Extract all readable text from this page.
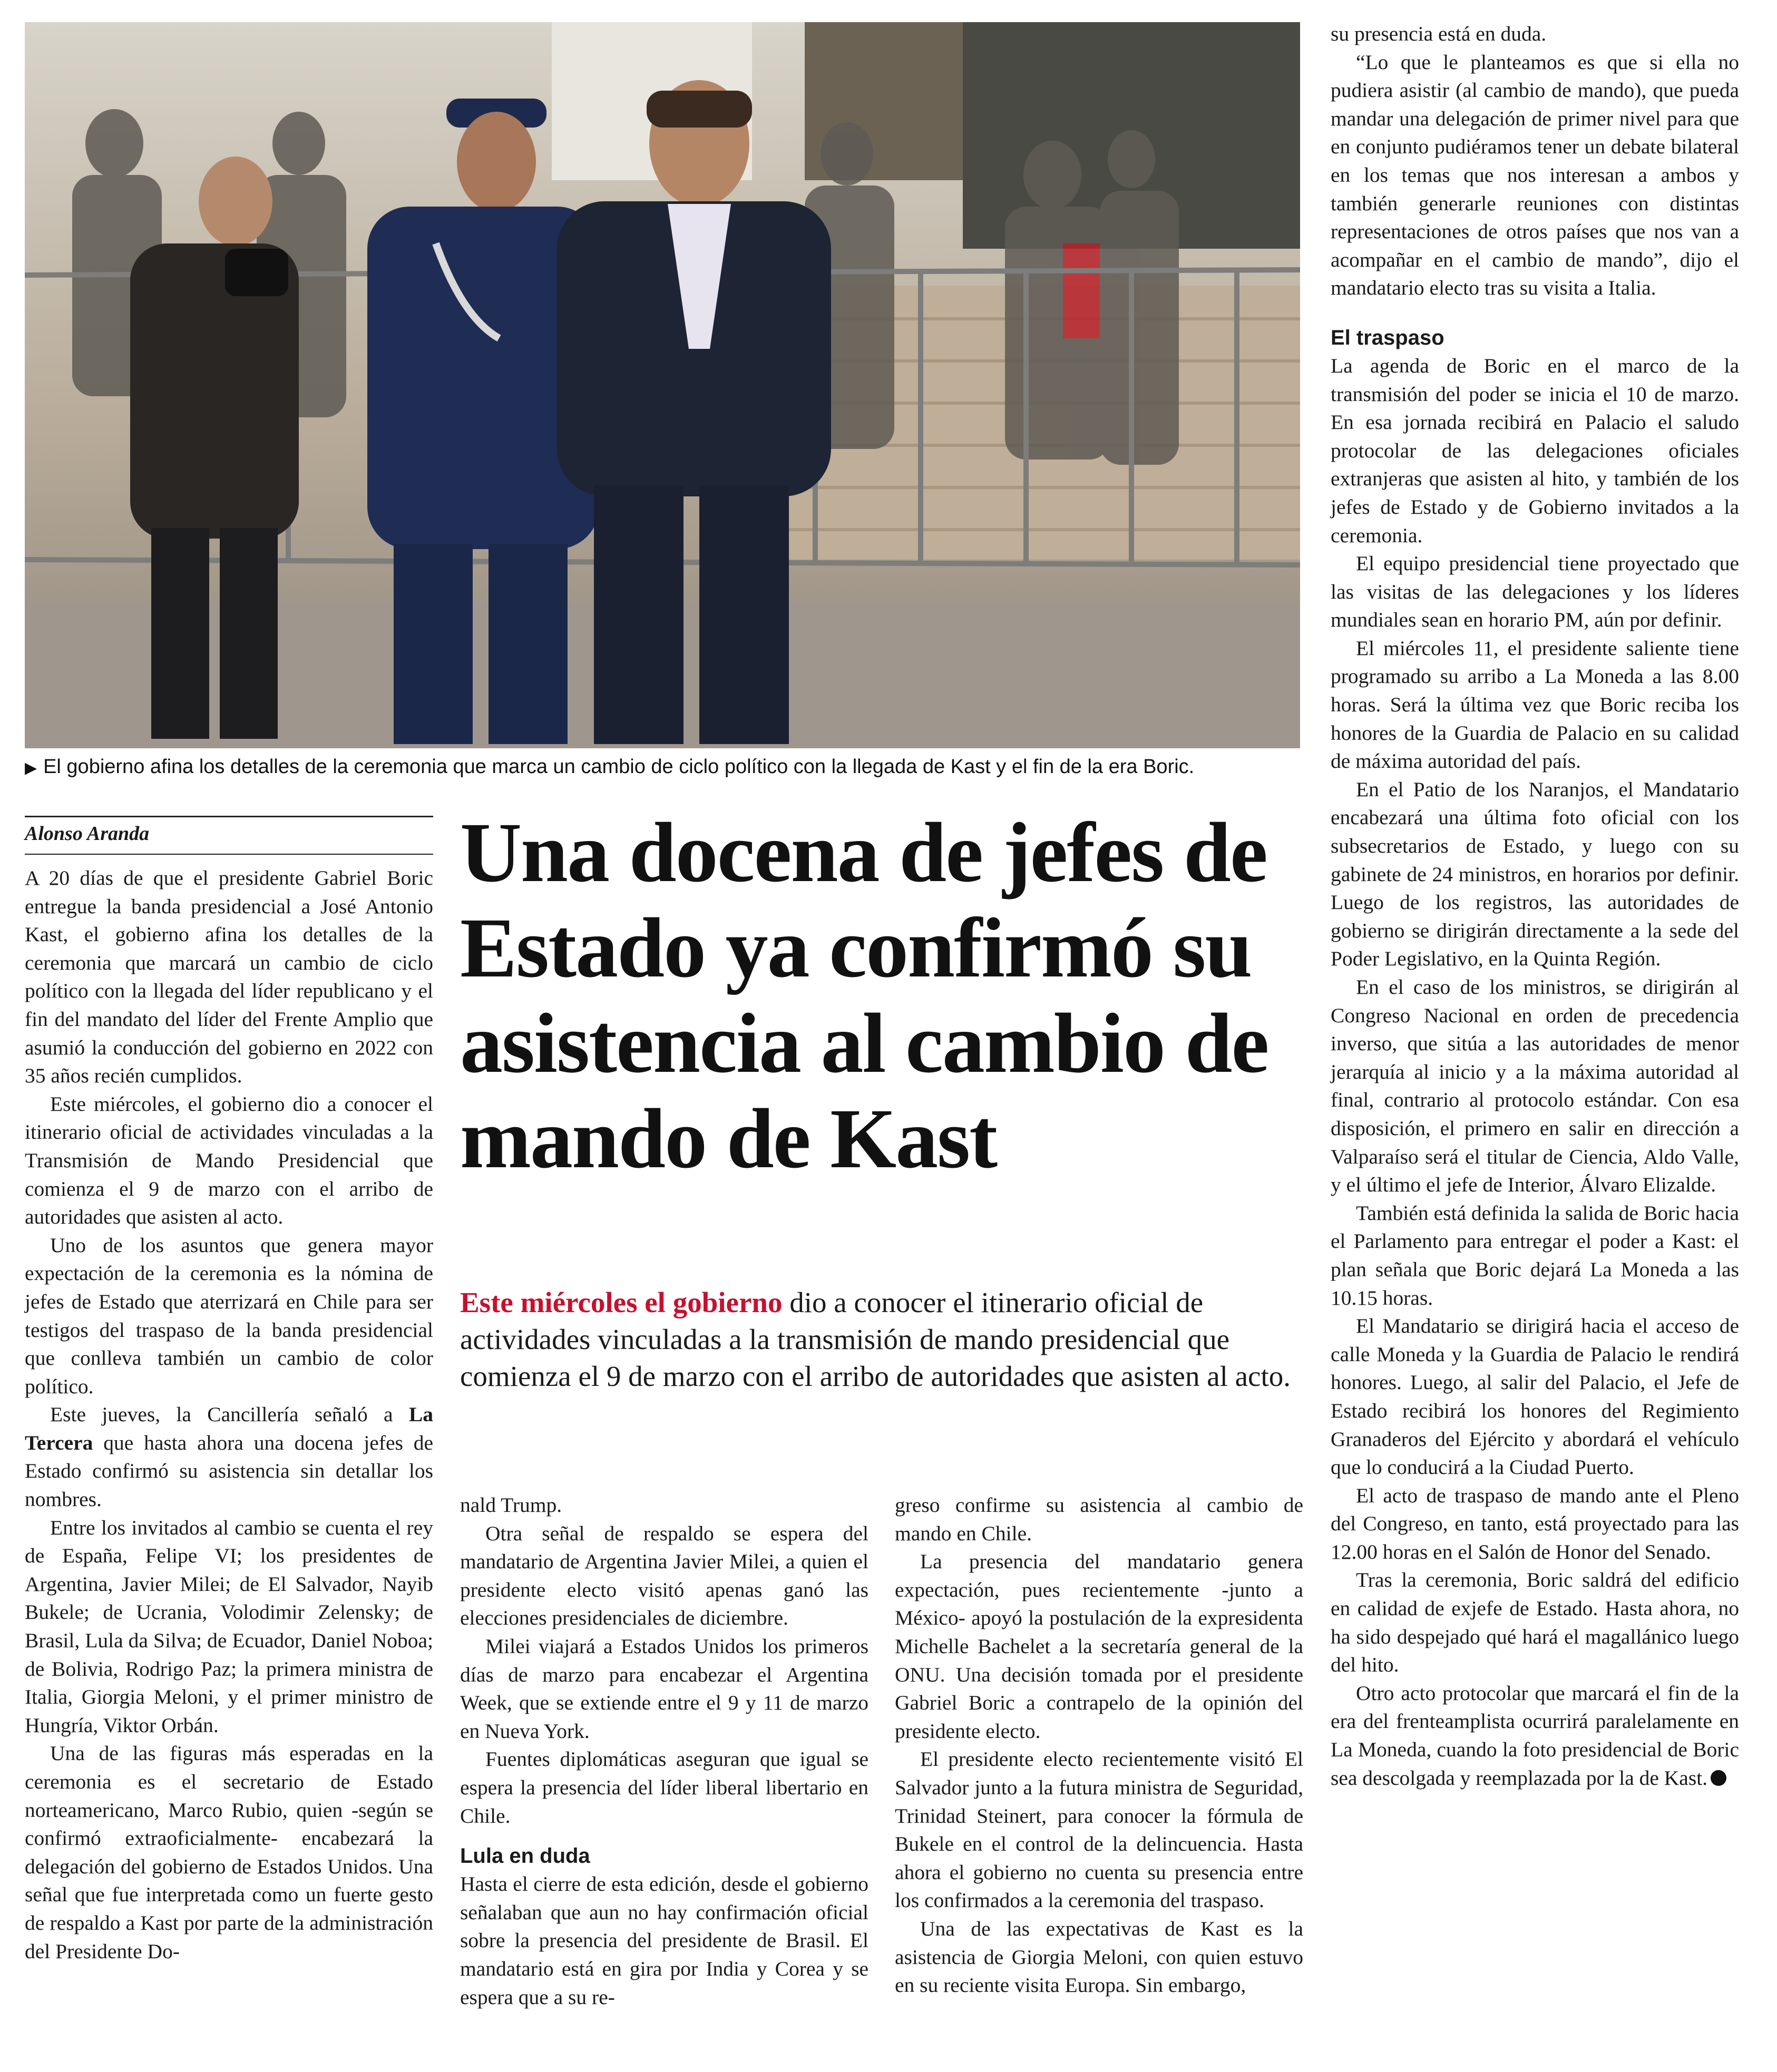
▶ El gobierno afina los detalles de la ceremonia que marca un cambio de ciclo político con la llegada de Kast y el fin de la era Boric.
Alonso Aranda	Una docena de jefes de Estado ya confirmó su asistencia al cambio de mando de Kast
Este miércoles el gobierno dio a conocer el itinerario oficial de actividades vinculadas a la transmisión de mando presidencial que comienza el 9 de marzo con el arribo de autoridades que asisten al acto.

A 20 días de que el presidente Gabriel Boric entregue la banda presidencial a José Antonio Kast, el gobierno afina los detalles de la ceremonia que marcará un cambio de ciclo político con la llegada del líder republicano y el fin del mandato del líder del Frente Amplio que asumió la conducción del gobierno en 2022 con 35 años recién cumplidos.

Este miércoles, el gobierno dio a conocer el itinerario oficial de actividades vinculadas a la Transmisión de Mando Presidencial que comienza el 9 de marzo con el arribo de autoridades que asisten al acto.

Uno de los asuntos que genera mayor expectación de la ceremonia es la nómina de jefes de Estado que aterrizará en Chile para ser testigos del traspaso de la banda presidencial que conlleva también un cambio de color político.

Este jueves, la Cancillería señaló a La Tercera que hasta ahora una docena jefes de Estado confirmó su asistencia sin detallar los nombres.

Entre los invitados al cambio se cuenta el rey de España, Felipe VI; los presidentes de Argentina, Javier Milei; de El Salvador, Nayib Bukele; de Ucrania, Volodimir Zelensky; de Brasil, Lula da Silva; de Ecuador, Daniel Noboa; de Bolivia, Rodrigo Paz; la primera ministra de Italia, Giorgia Meloni, y el primer ministro de Hungría, Viktor Orbán.

Una de las figuras más esperadas en la ceremonia es el secretario de Estado norteamericano, Marco Rubio, quien -según se confirmó extraoficialmente- encabezará la delegación del gobierno de Estados Unidos. Una señal que fue interpretada como un fuerte gesto de respaldo a Kast por parte de la administración del Presidente Do-

nald Trump.

Otra señal de respaldo se espera del mandatario de Argentina Javier Milei, a quien el presidente electo visitó apenas ganó las elecciones presidenciales de diciembre.

Milei viajará a Estados Unidos los primeros días de marzo para encabezar el Argentina Week, que se extiende entre el 9 y 11 de marzo en Nueva York.

Fuentes diplomáticas aseguran que igual se espera la presencia del líder liberal libertario en Chile.

Lula en duda

Hasta el cierre de esta edición, desde el gobierno señalaban que aun no hay confirmación oficial sobre la presencia del presidente de Brasil. El mandatario está en gira por India y Corea y se espera que a su re-

greso confirme su asistencia al cambio de mando en Chile.

La presencia del mandatario genera expectación, pues recientemente -junto a México- apoyó la postulación de la expresidenta Michelle Bachelet a la secretaría general de la ONU. Una decisión tomada por el presidente Gabriel Boric a contrapelo de la opinión del presidente electo.

El presidente electo recientemente visitó El Salvador junto a la futura ministra de Seguridad, Trinidad Steinert, para conocer la fórmula de Bukele en el control de la delincuencia. Hasta ahora el gobierno no cuenta su presencia entre los confirmados a la ceremonia del traspaso.

Una de las expectativas de Kast es la asistencia de Giorgia Meloni, con quien estuvo en su reciente visita Europa. Sin embargo,

su presencia está en duda.

“Lo que le planteamos es que si ella no pudiera asistir (al cambio de mando), que pueda mandar una delegación de primer nivel para que en conjunto pudiéramos tener un debate bilateral en los temas que nos interesan a ambos y también generarle reuniones con distintas representaciones de otros países que nos van a acompañar en el cambio de mando”, dijo el mandatario electo tras su visita a Italia.

El traspaso

La agenda de Boric en el marco de la transmisión del poder se inicia el 10 de marzo. En esa jornada recibirá en Palacio el saludo protocolar de las delegaciones oficiales extranjeras que asisten al hito, y también de los jefes de Estado y de Gobierno invitados a la ceremonia.

El equipo presidencial tiene proyectado que las visitas de las delegaciones y los líderes mundiales sean en horario PM, aún por definir.

El miércoles 11, el presidente saliente tiene programado su arribo a La Moneda a las 8.00 horas. Será la última vez que Boric reciba los honores de la Guardia de Palacio en su calidad de máxima autoridad del país.

En el Patio de los Naranjos, el Mandatario encabezará una última foto oficial con los subsecretarios de Estado, y luego con su gabinete de 24 ministros, en horarios por definir. Luego de los registros, las autoridades de gobierno se dirigirán directamente a la sede del Poder Legislativo, en la Quinta Región.

En el caso de los ministros, se dirigirán al Congreso Nacional en orden de precedencia inverso, que sitúa a las autoridades de menor jerarquía al inicio y a la máxima autoridad al final, contrario al protocolo estándar. Con esa disposición, el primero en salir en dirección a Valparaíso será el titular de Ciencia, Aldo Valle, y el último el jefe de Interior, Álvaro Elizalde.

También está definida la salida de Boric hacia el Parlamento para entregar el poder a Kast: el plan señala que Boric dejará La Moneda a las 10.15 horas.

El Mandatario se dirigirá hacia el acceso de calle Moneda y la Guardia de Palacio le rendirá honores. Luego, al salir del Palacio, el Jefe de Estado recibirá los honores del Regimiento Granaderos del Ejército y abordará el vehículo que lo conducirá a la Ciudad Puerto.

El acto de traspaso de mando ante el Pleno del Congreso, en tanto, está proyectado para las 12.00 horas en el Salón de Honor del Senado.

Tras la ceremonia, Boric saldrá del edificio en calidad de exjefe de Estado. Hasta ahora, no ha sido despejado qué hará el magallánico luego del hito.

Otro acto protocolar que marcará el fin de la era del frenteamplista ocurrirá paralelamente en La Moneda, cuando la foto presidencial de Boric sea descolgada y reemplazada por la de Kast.
